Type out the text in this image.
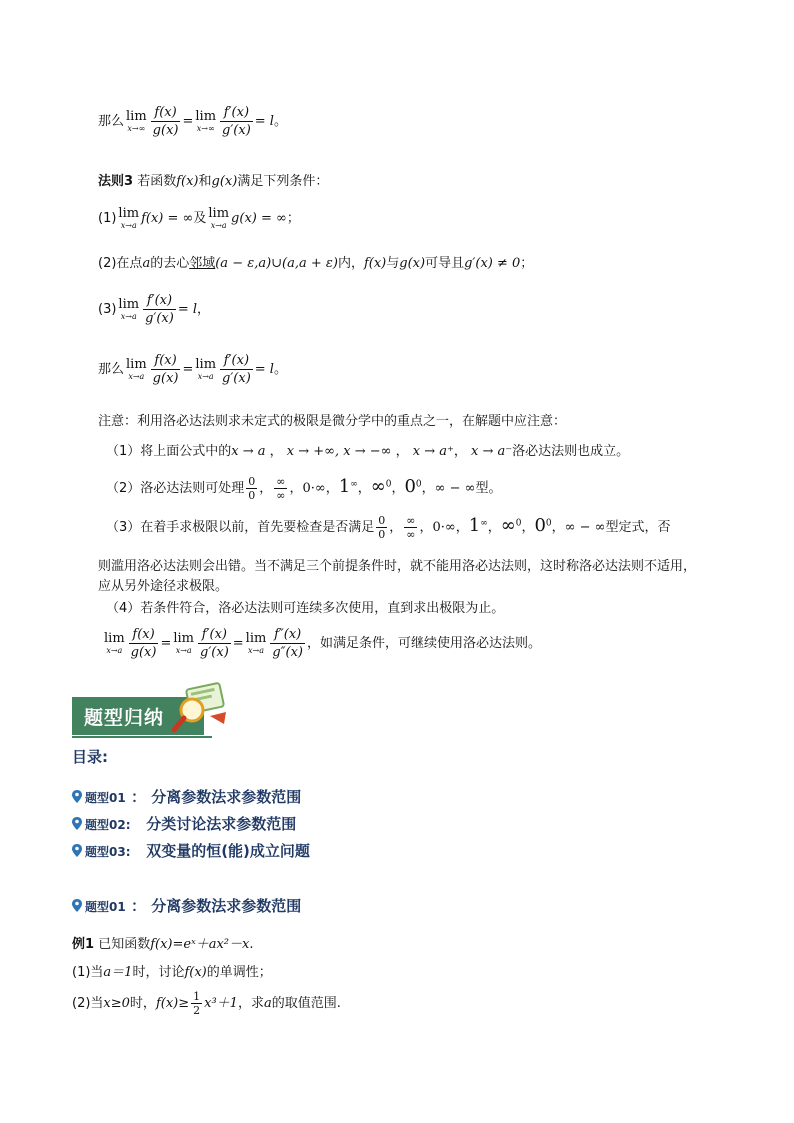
那么 lim
$x\to\infty \frac{f(x)}{g(x)} = \lim$
$x\to\infty \frac{f'(x)}{g'(x)} = l$。
法则3 若函数f(x)和g(x)满足下列条件：
(1) lim
x→a f(x) = ∞及 lim
x→a g(x) = ∞；
(2)在点a的去心邻域(a − ε,a)∪(a,a + ε)内，f(x)与g(x)可导且g′(x) ≠ 0；
(3) lim
$x\to a \frac{f'(x)}{g'(x)} = l$，
那么 lim
$x\to a \frac{f(x)}{g(x)} = \lim$
$x\to a \frac{f'(x)}{g'(x)} = l$。
注意：利用洛必达法则求未定式的极限是微分学中的重点之一，在解题中应注意：
（1）将上面公式中的x → a ， x → +∞, x → −∞ ， x → a⁺， x → a⁻洛必达法则也成立。
（2）洛必达法则可处理 $\frac{0}{0}$ ， $\frac{\infty}{\infty}$ ，0·∞，1∞，∞$^0$，$0^0$，∞ − ∞型。
（3）在着手求极限以前，首先要检查是否满足 $\frac{0}{0}$ ， $\frac{\infty}{\infty}$ ，0·∞，1∞，∞$^0$，$0^0$，∞ − ∞型定式，否
则滥用洛必达法则会出错。当不满足三个前提条件时，就不能用洛必达法则，这时称洛必达法则不适用，
应从另外途径求极限。
（4）若条件符合，洛必达法则可连续多次使用，直到求出极限为止。
lim
$x\to a \frac{f(x)}{g(x)} = \lim$
$x\to a \frac{f'(x)}{g'(x)} = \lim$
$x\to a \frac{f''(x)}{g''(x)}$ ，如满足条件，可继续使用洛必达法则。
题型归纳
目录:
题型01 ： 分离参数法求参数范围
题型02: 分类讨论法求参数范围
题型03: 双变量的恒(能)成立问题
题型01 ： 分离参数法求参数范围
例1 已知函数f(x)=eˣ＋ax²－x.
(1)当a＝1时，讨论f(x)的单调性；
(2)当x≥0时，$f(x)\ge \frac{1}{2} x^3+1$，求a的取值范围.
